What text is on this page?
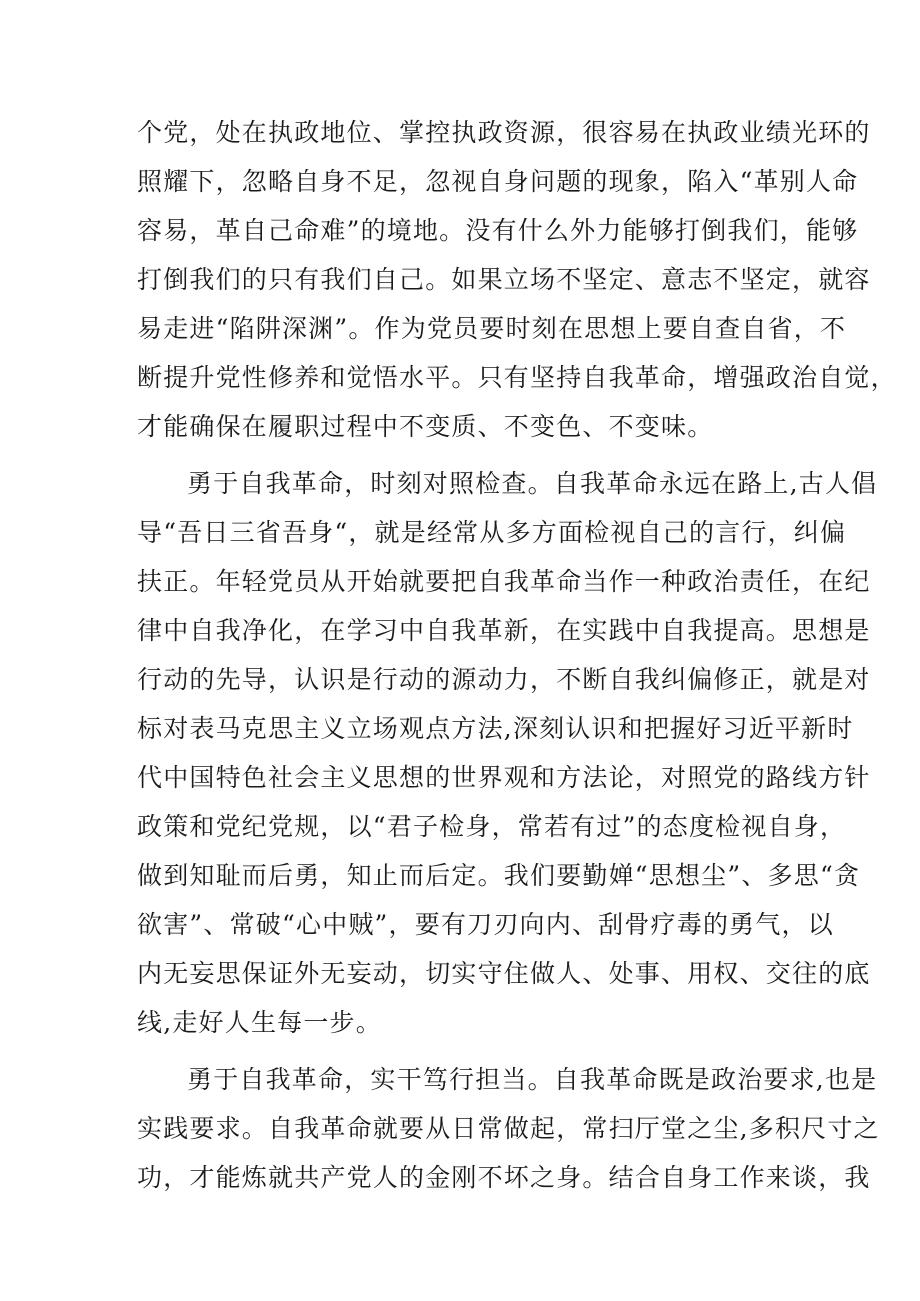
个党，处在执政地位、掌控执政资源，很容易在执政业绩光环的
照耀下，忽略自身不足，忽视自身问题的现象，陷入“革别人命
容易，革自己命难”的境地。没有什么外力能够打倒我们，能够
打倒我们的只有我们自己。如果立场不坚定、意志不坚定，就容
易走进“陷阱深渊”。作为党员要时刻在思想上要自查自省，不
断提升党性修养和觉悟水平。只有坚持自我革命，增强政治自觉，
才能确保在履职过程中不变质、不变色、不变味。
勇于自我革命，时刻对照检查。自我革命永远在路上,古人倡
导“吾日三省吾身“，就是经常从多方面检视自己的言行，纠偏
扶正。年轻党员从开始就要把自我革命当作一种政治责任，在纪
律中自我净化，在学习中自我革新，在实践中自我提高。思想是
行动的先导，认识是行动的源动力，不断自我纠偏修正，就是对
标对表马克思主义立场观点方法,深刻认识和把握好习近平新时
代中国特色社会主义思想的世界观和方法论，对照党的路线方针
政策和党纪党规，以“君子检身，常若有过”的态度检视自身，
做到知耻而后勇，知止而后定。我们要勤婵“思想尘”、多思“贪
欲害”、常破“心中贼”，要有刀刃向内、刮骨疗毒的勇气，以
内无妄思保证外无妄动，切实守住做人、处事、用权、交往的底
线,走好人生每一步。
勇于自我革命，实干笃行担当。自我革命既是政治要求,也是
实践要求。自我革命就要从日常做起，常扫厅堂之尘,多积尺寸之
功，才能炼就共产党人的金刚不坏之身。结合自身工作来谈，我
